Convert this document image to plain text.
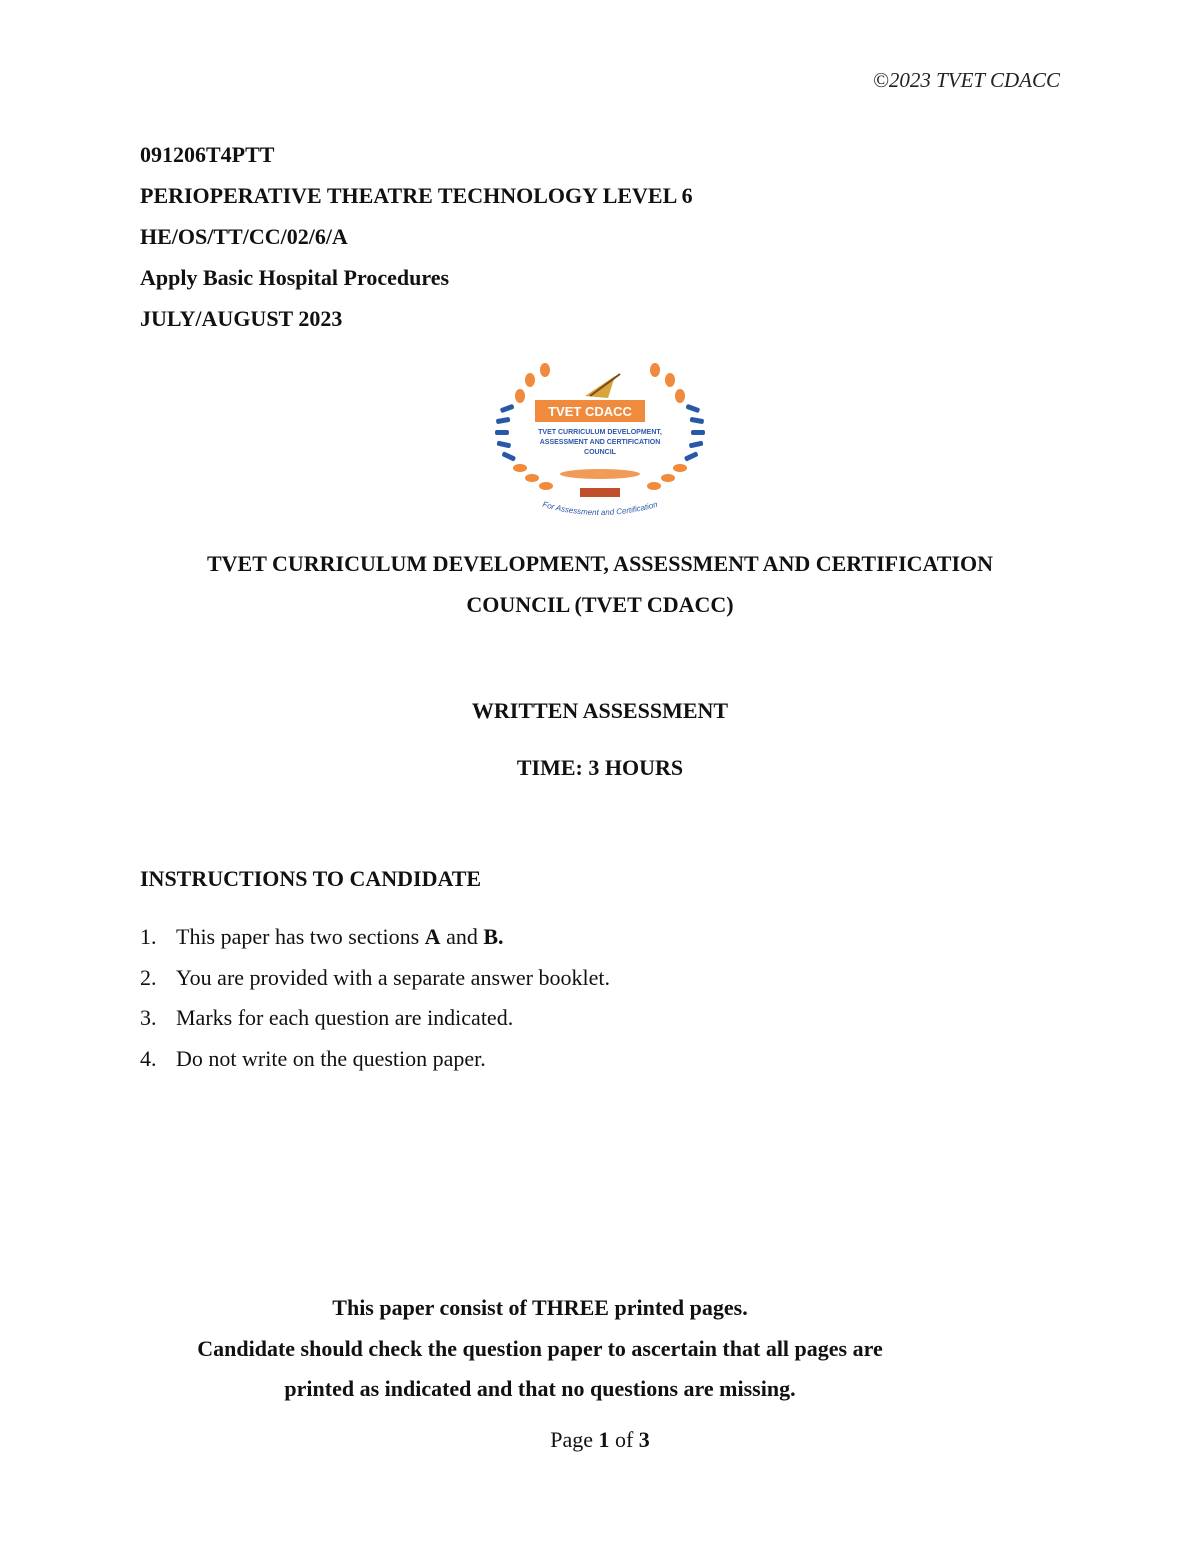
©2023 TVET CDACC
091206T4PTT
PERIOPERATIVE THEATRE TECHNOLOGY LEVEL 6
HE/OS/TT/CC/02/6/A
Apply Basic Hospital Procedures
JULY/AUGUST 2023
TVET CDACC
TVET CURRICULUM DEVELOPMENT,
ASSESSMENT AND CERTIFICATION
COUNCIL
For Assessment and Certification
TVET CURRICULUM DEVELOPMENT, ASSESSMENT AND CERTIFICATION
COUNCIL (TVET CDACC)
WRITTEN ASSESSMENT
TIME: 3 HOURS
INSTRUCTIONS TO CANDIDATE
1. This paper has two sections A and B.
2. You are provided with a separate answer booklet.
3. Marks for each question are indicated.
4. Do not write on the question paper.
This paper consist of THREE printed pages.
Candidate should check the question paper to ascertain that all pages are
printed as indicated and that no questions are missing.
Page 1 of 3
